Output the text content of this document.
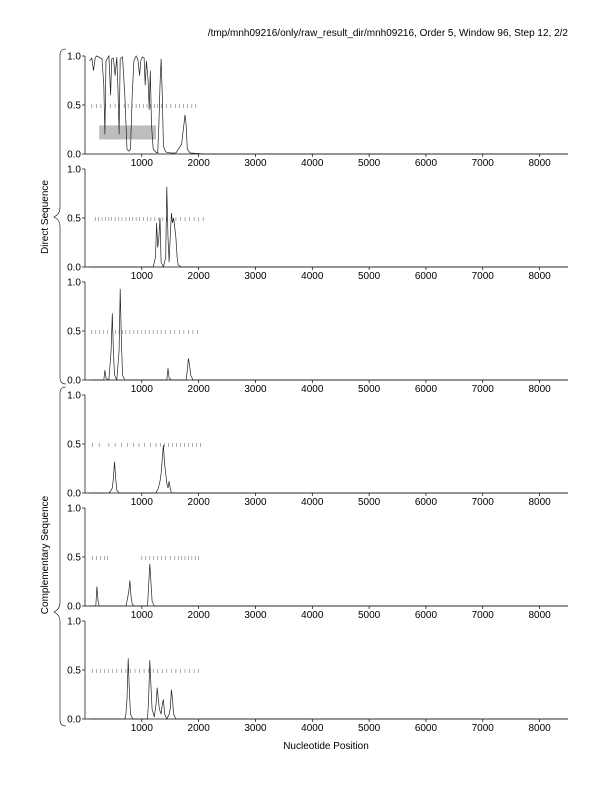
/tmp/mnh09216/only/raw_result_dir/mnh09216, Order 5, Window 96, Step 12, 2/2
0.0
0.5
1.0
1000	2000	3000	4000	5000	6000	7000	8000
0.0
0.5
1.0
1000	2000	3000	4000	5000	6000	7000	8000
0.0
0.5
1.0
1000	2000	3000	4000	5000	6000	7000	8000
0.0
0.5
1.0
1000	2000	3000	4000	5000	6000	7000	8000
0.0
0.5
1.0
1000	2000	3000	4000	5000	6000	7000	8000
0.0
0.5
1.0
1000	2000	3000	4000	5000	6000	7000	8000
Direct Sequence
Complementary Sequence
Nucleotide Position
